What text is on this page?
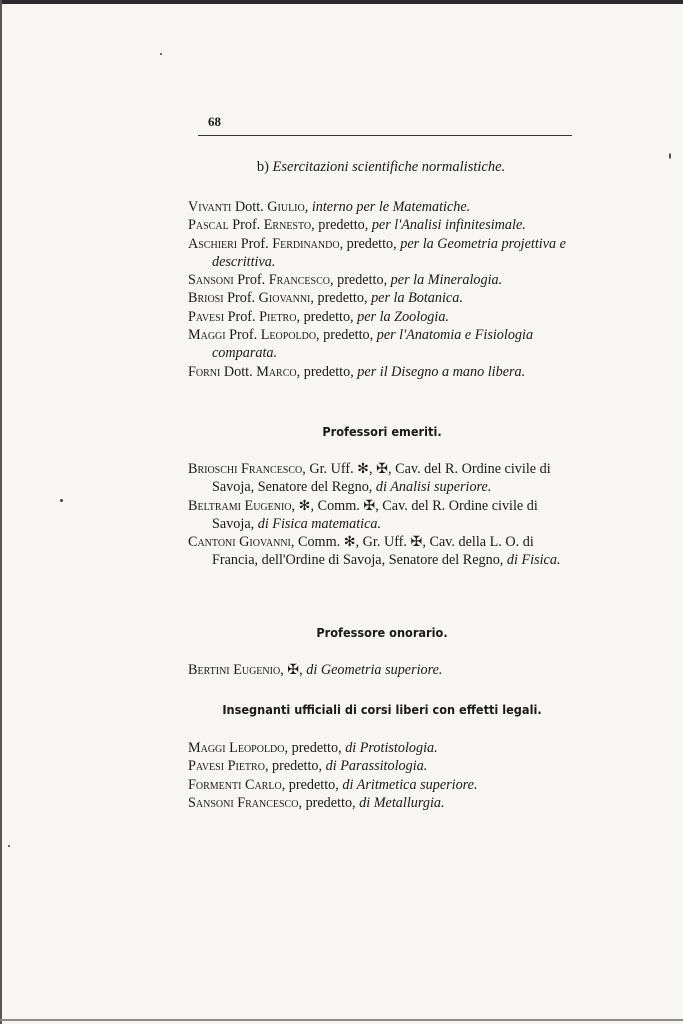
68
b) Esercitazioni scientifiche normalistiche.

Vivanti Dott. Giulio, interno per le Matematiche.

Pascal Prof. Ernesto, predetto, per l'Analisi infinitesimale.

Aschieri Prof. Ferdinando, predetto, per la Geometria projettiva e descrittiva.

Sansoni Prof. Francesco, predetto, per la Mineralogia.

Briosi Prof. Giovanni, predetto, per la Botanica.

Pavesi Prof. Pietro, predetto, per la Zoologia.

Maggi Prof. Leopoldo, predetto, per l'Anatomia e Fisiologia comparata.

Forni Dott. Marco, predetto, per il Disegno a mano libera.

Professori emeriti.

Brioschi Francesco, Gr. Uff. ✻, ✠, Cav. del R. Ordine civile di Savoja, Senatore del Regno, di Analisi superiore.

Beltrami Eugenio, ✻, Comm. ✠, Cav. del R. Ordine civile di Savoja, di Fisica matematica.

Cantoni Giovanni, Comm. ✻, Gr. Uff. ✠, Cav. della L. O. di Francia, dell'Ordine di Savoja, Senatore del Regno, di Fisica.

Professore onorario.

Bertini Eugenio, ✠, di Geometria superiore.

Insegnanti ufficiali di corsi liberi con effetti legali.

Maggi Leopoldo, predetto, di Protistologia.

Pavesi Pietro, predetto, di Parassitologia.

Formenti Carlo, predetto, di Aritmetica superiore.

Sansoni Francesco, predetto, di Metallurgia.
